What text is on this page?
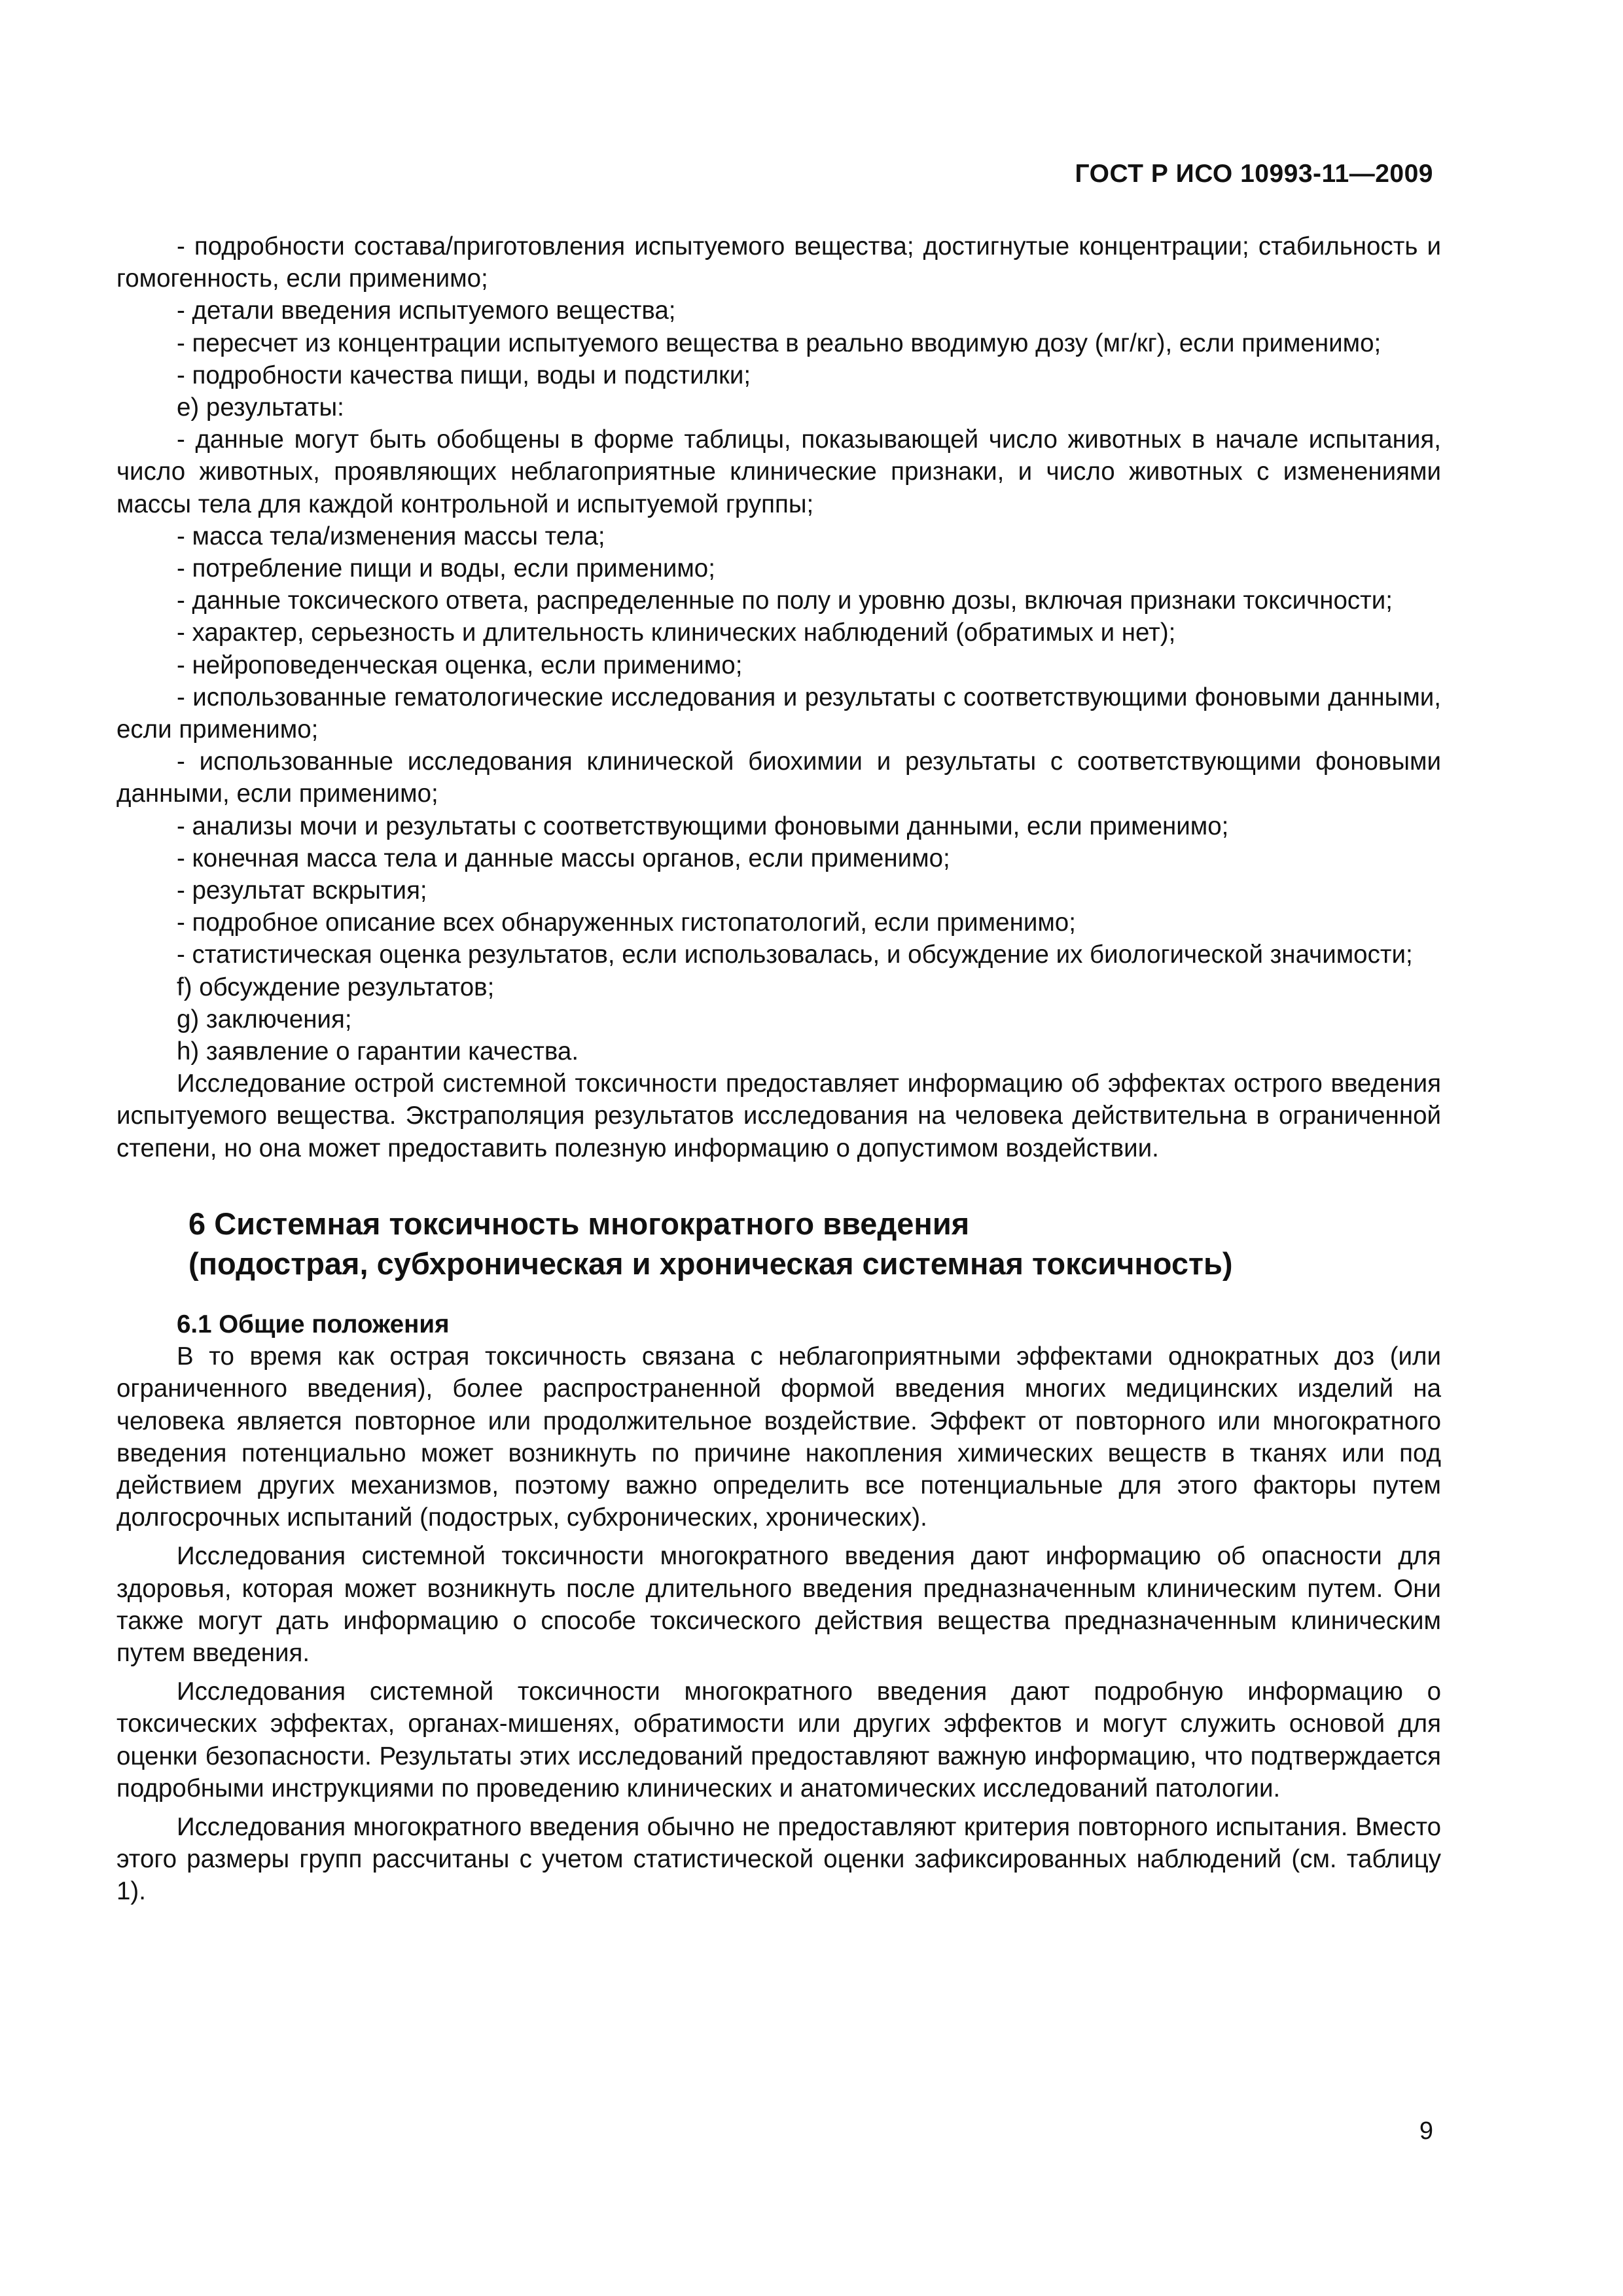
ГОСТ Р ИСО 10993-11—2009

- подробности состава/приготовления испытуемого вещества; достигнутые концентрации; стабильность и гомогенность, если применимо;

- детали введения испытуемого вещества;

- пересчет из концентрации испытуемого вещества в реально вводимую дозу (мг/кг), если применимо;

- подробности качества пищи, воды и подстилки;

е) результаты:

- данные могут быть обобщены в форме таблицы, показывающей число животных в начале испытания, число животных, проявляющих неблагоприятные клинические признаки, и число животных с изменениями массы тела для каждой контрольной и испытуемой группы;

- масса тела/изменения массы тела;

- потребление пищи и воды, если применимо;

- данные токсического ответа, распределенные по полу и уровню дозы, включая признаки токсичности;

- характер, серьезность и длительность клинических наблюдений (обратимых и нет);

- нейроповеденческая оценка, если применимо;

- использованные гематологические исследования и результаты с соответствующими фоновыми данными, если применимо;

- использованные исследования клинической биохимии и результаты с соответствующими фоновыми данными, если применимо;

- анализы мочи и результаты с соответствующими фоновыми данными, если применимо;

- конечная масса тела и данные массы органов, если применимо;

- результат вскрытия;

- подробное описание всех обнаруженных гистопатологий, если применимо;

- статистическая оценка результатов, если использовалась, и обсуждение их биологической значимости;

f) обсуждение результатов;

g) заключения;

h) заявление о гарантии качества.

Исследование острой системной токсичности предоставляет информацию об эффектах острого введения испытуемого вещества. Экстраполяция результатов исследования на человека действительна в ограниченной степени, но она может предоставить полезную информацию о допустимом воздействии.

6 Системная токсичность многократного введения
(подострая, субхроническая и хроническая системная токсичность)
6.1 Общие положения

В то время как острая токсичность связана с неблагоприятными эффектами однократных доз (или ограниченного введения), более распространенной формой введения многих медицинских изделий на человека является повторное или продолжительное воздействие. Эффект от повторного или многократного введения потенциально может возникнуть по причине накопления химических веществ в тканях или под действием других механизмов, поэтому важно определить все потенциальные для этого факторы путем долгосрочных испытаний (подострых, субхронических, хронических).

Исследования системной токсичности многократного введения дают информацию об опасности для здоровья, которая может возникнуть после длительного введения предназначенным клиническим путем. Они также могут дать информацию о способе токсического действия вещества предназначенным клиническим путем введения.

Исследования системной токсичности многократного введения дают подробную информацию о токсических эффектах, органах-мишенях, обратимости или других эффектов и могут служить основой для оценки безопасности. Результаты этих исследований предоставляют важную информацию, что подтверждается подробными инструкциями по проведению клинических и анатомических исследований патологии.

Исследования многократного введения обычно не предоставляют критерия повторного испытания. Вместо этого размеры групп рассчитаны с учетом статистической оценки зафиксированных наблюдений (см. таблицу 1).

9
